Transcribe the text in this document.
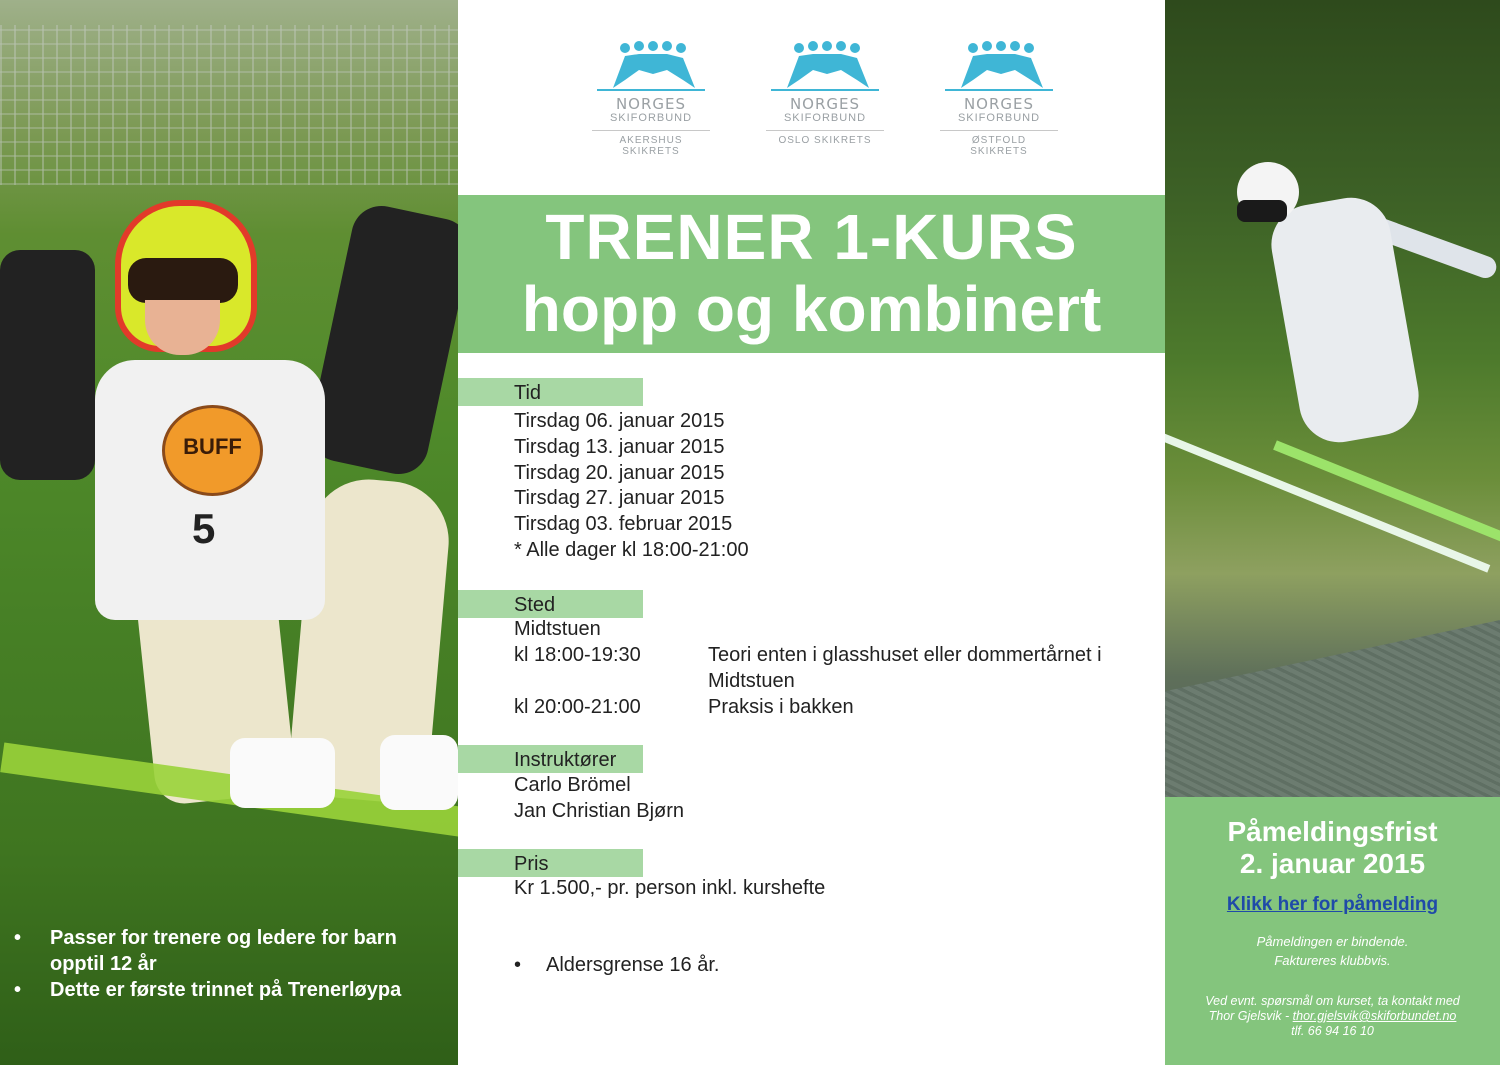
BUFF
5
• Passer for trenere og ledere for barn opptil 12 år
• Dette er første trinnet på Trenerløypa
NORGES
SKIFORBUND
AKERSHUS
SKIKRETS
NORGES
SKIFORBUND
OSLO SKIKRETS
NORGES
SKIFORBUND
ØSTFOLD
SKIKRETS
TRENER 1-KURS
hopp og kombinert
Tid
Tirsdag 06. januar 2015
Tirsdag 13. januar 2015
Tirsdag 20. januar 2015
Tirsdag 27. januar 2015
Tirsdag 03. februar 2015
* Alle dager kl 18:00-21:00
Sted
Midtstuen
kl 18:00-19:30	Teori enten i glasshuset eller dommertårnet i Midtstuen
kl 20:00-21:00	Praksis i bakken
Instruktører
Carlo Brömel
Jan Christian Bjørn
Pris
Kr 1.500,- pr. person inkl. kurshefte
• Aldersgrense 16 år.
Påmeldingsfrist
2. januar 2015
Klikk her for påmelding
Påmeldingen er bindende.
Faktureres klubbvis.
Ved evnt. spørsmål om kurset, ta kontakt med
Thor Gjelsvik - thor.gjelsvik@skiforbundet.no
tlf. 66 94 16 10
